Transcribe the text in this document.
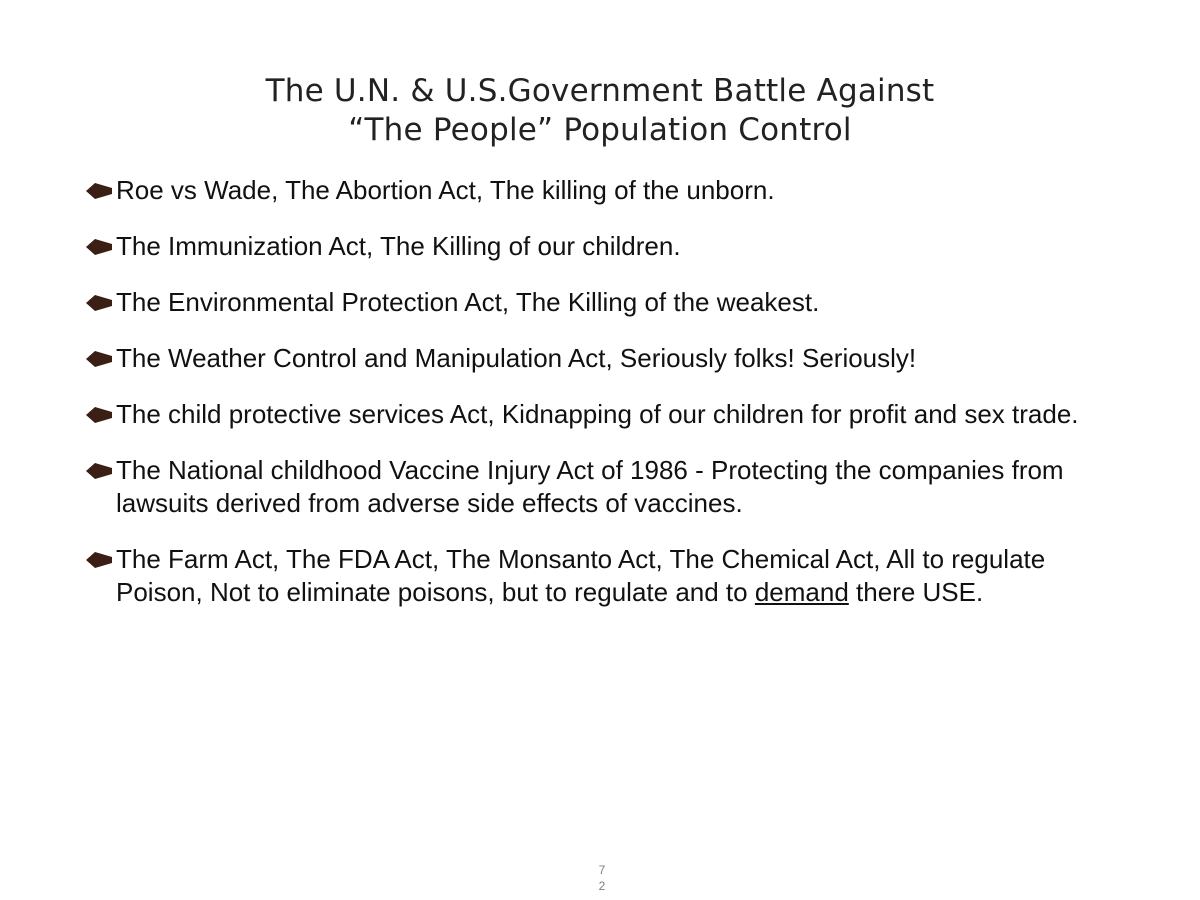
The U.N. & U.S.Government Battle Against
“The People” Population Control
Roe vs Wade, The Abortion Act, The killing of the unborn.
The Immunization Act, The Killing of our children.
The Environmental Protection Act, The Killing of the weakest.
The Weather Control and Manipulation Act, Seriously folks! Seriously!
The child protective services Act, Kidnapping of our children for profit and sex trade.
The National childhood Vaccine Injury Act of 1986 - Protecting the companies from lawsuits derived from adverse side effects of vaccines.
The Farm Act, The FDA Act, The Monsanto Act, The Chemical Act, All to regulate Poison, Not to eliminate poisons, but to regulate and to demand there USE.
7
2
